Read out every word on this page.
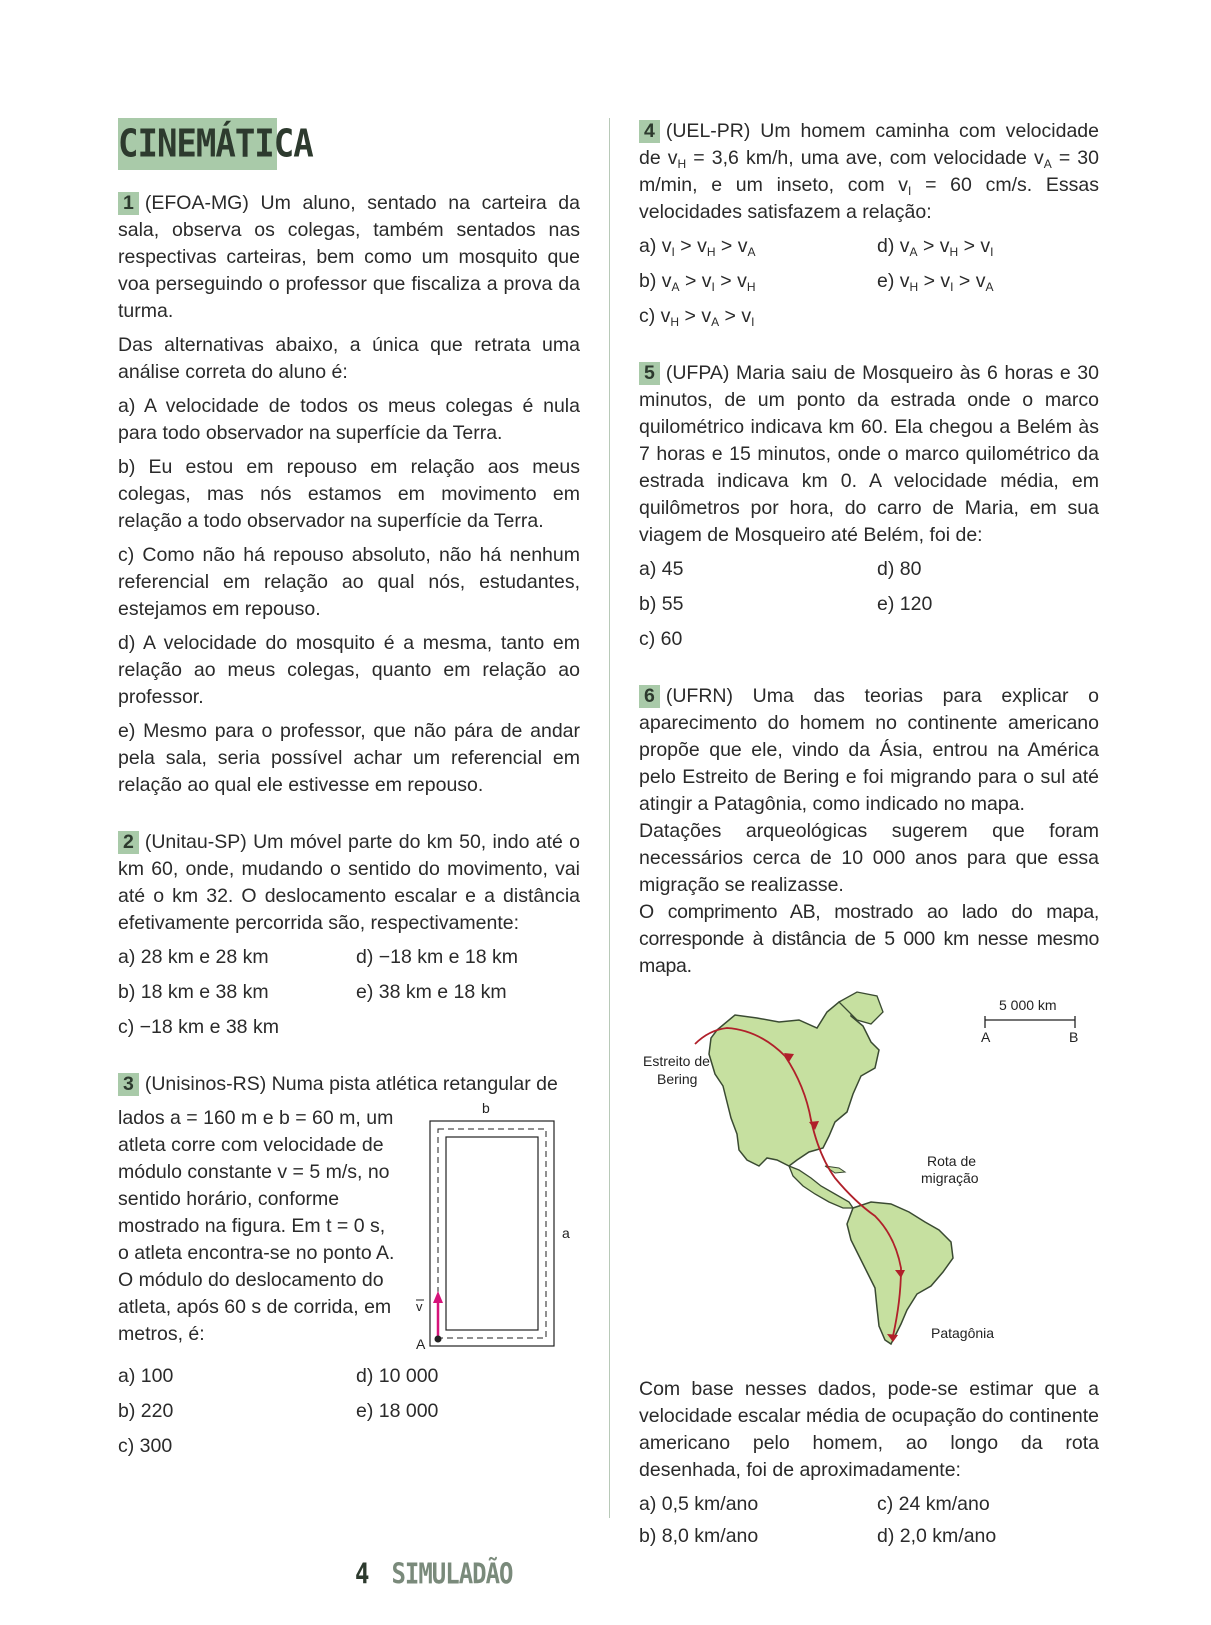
CINEMÁTICA

1 (EFOA-MG) Um aluno, sentado na carteira da sala, observa os colegas, também sentados nas respectivas carteiras, bem como um mosquito que voa perseguindo o professor que fiscaliza a prova da turma.

Das alternativas abaixo, a única que retrata uma análise correta do aluno é:

a) A velocidade de todos os meus colegas é nula para todo observador na superfície da Terra.

b) Eu estou em repouso em relação aos meus colegas, mas nós estamos em movimento em relação a todo observador na superfície da Terra.

c) Como não há repouso absoluto, não há nenhum referencial em relação ao qual nós, estudantes, estejamos em repouso.

d) A velocidade do mosquito é a mesma, tanto em relação ao meus colegas, quanto em relação ao professor.

e) Mesmo para o professor, que não pára de andar pela sala, seria possível achar um referencial em relação ao qual ele estivesse em repouso.

2 (Unitau-SP) Um móvel parte do km 50, indo até o km 60, onde, mudando o sentido do movimento, vai até o km 32. O deslocamento escalar e a distância efetivamente percorrida são, respectivamente:

a) 28 km e 28 km	d) −18 km e 18 km
b) 18 km e 38 km	e) 38 km e 18 km
c) −18 km e 38 km

3 (Unisinos-RS) Numa pista atlética retangular de

lados a = 160 m e b = 60 m, um atleta corre com velocidade de módulo constante v = 5 m/s, no sentido horário, conforme mostrado na figura. Em t = 0 s, o atleta encontra-se no ponto A. O módulo do deslocamento do atleta, após 60 s de corrida, em metros, é:

b
a
v
A
a) 100	d) 10 000
b) 220	e) 18 000
c) 300

4 (UEL-PR) Um homem caminha com velocidade de $v_H = 3,6$ km/h, uma ave, com velocidade $v_A = 30$ m/min, e um inseto, com $v_I = 60$ cm/s. Essas velocidades satisfazem a relação:

a) $v_I > v_H > v_A$	d) $v_A > v_H > v_I$
b) $v_A > v_I > v_H$	e) $v_H > v_I > v_A$
c) $v_H > v_A > v_I$

5 (UFPA) Maria saiu de Mosqueiro às 6 horas e 30 minutos, de um ponto da estrada onde o marco quilométrico indicava km 60. Ela chegou a Belém às 7 horas e 15 minutos, onde o marco quilométrico da estrada indicava km 0. A velocidade média, em quilômetros por hora, do carro de Maria, em sua viagem de Mosqueiro até Belém, foi de:

a) 45	d) 80
b) 55	e) 120
c) 60

6 (UFRN) Uma das teorias para explicar o aparecimento do homem no continente americano propõe que ele, vindo da Ásia, entrou na América pelo Estreito de Bering e foi migrando para o sul até atingir a Patagônia, como indicado no mapa.

Datações arqueológicas sugerem que foram necessários cerca de 10 000 anos para que essa migração se realizasse.

O comprimento AB, mostrado ao lado do mapa, corresponde à distância de 5 000 km nesse mesmo mapa.

Estreito de
Bering
Rota de
migração
Patagônia
5 000 km
A	B

Com base nesses dados, pode-se estimar que a velocidade escalar média de ocupação do continente americano pelo homem, ao longo da rota desenhada, foi de aproximadamente:

a) 0,5 km/ano	c) 24 km/ano
b) 8,0 km/ano	d) 2,0 km/ano
4 SIMULADÃO
